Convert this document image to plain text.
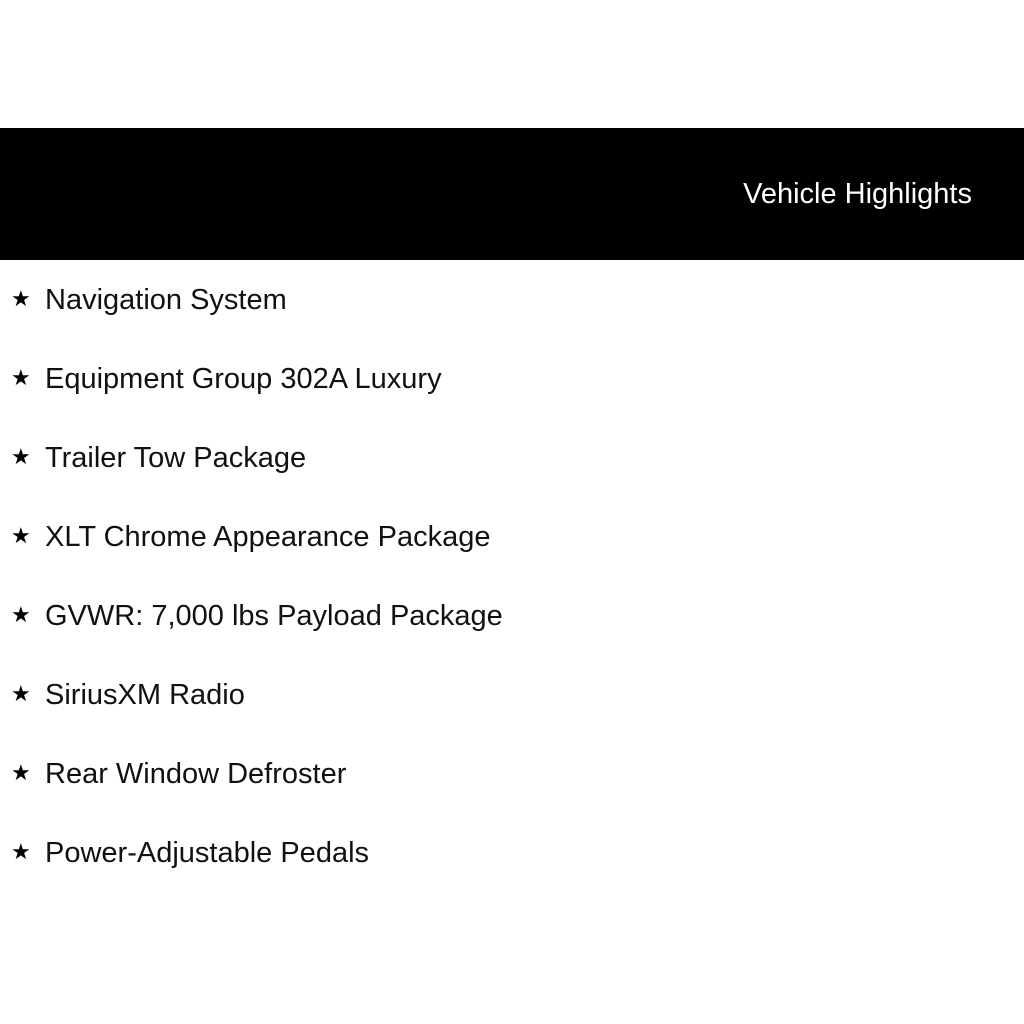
Vehicle Highlights
★ Navigation System
★ Equipment Group 302A Luxury
★ Trailer Tow Package
★ XLT Chrome Appearance Package
★ GVWR: 7,000 lbs Payload Package
★ SiriusXM Radio
★ Rear Window Defroster
★ Power-Adjustable Pedals
